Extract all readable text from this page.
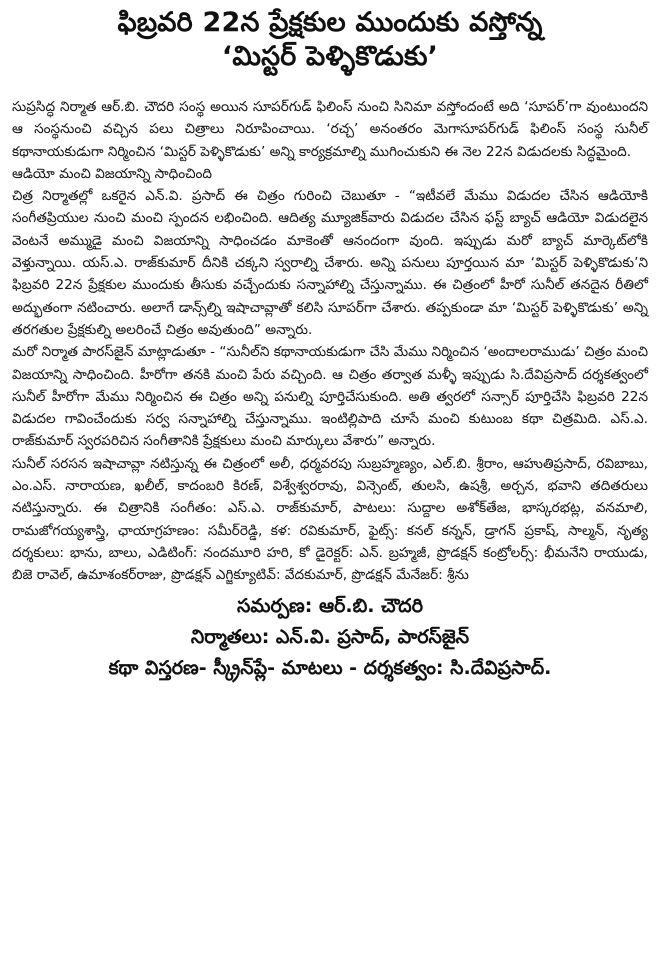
ఫిబ్రవరి 22న ప్రేక్షకుల ముందుకు వస్తోన్న
‘మిస్టర్ పెళ్ళికొడుకు’

సుప్రసిద్ధ నిర్మాత ఆర్.బి. చౌదరి సంస్థ అయిన సూపర్‌గుడ్ ఫిలింస్ నుంచి సినిమా వస్తోందంటే అది ‘సూపర్’గా వుంటుందని ఆ సంస్థనుంచి వచ్చిన పలు చిత్రాలు నిరూపించాయి. ‘రచ్చ’ అనంతరం మెగాసూపర్‌గుడ్ ఫిలింస్ సంస్థ సునీల్ కథానాయకుడుగా నిర్మించిన ‘మిస్టర్ పెళ్ళికొడుకు’ అన్ని కార్యక్రమాల్ని ముగించుకుని ఈ నెల 22న విడుదలకు సిద్ధమైంది.

ఆడియో మంచి విజయాన్ని సాధించింది

చిత్ర నిర్మాతల్లో ఒకరైన ఎన్.వి. ప్రసాద్ ఈ చిత్రం గురించి చెబుతూ - “ఇటీవలే మేము విడుదల చేసిన ఆడియోకి సంగీతప్రియుల నుంచి మంచి స్పందన లభించింది. ఆదిత్య మ్యూజిక్‌వారు విడుదల చేసిన ఫస్ట్ బ్యాచ్ ఆడియో విడుదలైన వెంటనే అమ్ముడై మంచి విజయాన్ని సాధించడం మాకెంతో ఆనందంగా వుంది. ఇప్పుడు మరో బ్యాచ్ మార్కెట్‌లోకి వెళ్తున్నాయి. యస్.ఎ. రాజ్‌కుమార్ దీనికి చక్కని స్వరాల్ని చేశారు. అన్ని పనులు పూర్తయిన మా ‘మిస్టర్ పెళ్ళికొడుకు’ని ఫిబ్రవరి 22న ప్రేక్షకుల ముందుకు తీసుకు వచ్చేందుకు సన్నాహాల్ని చేస్తున్నాము. ఈ చిత్రంలో హీరో సునీల్ తనదైన రీతిలో అద్భుతంగా నటించారు. అలాగే డాన్స్‌ల్ని ఇషాచావ్లాతో కలిసి సూపర్‌గా చేశారు. తప్పకుండా మా ‘మిస్టర్ పెళ్ళికొడుకు’ అన్ని తరగతుల ప్రేక్షకుల్ని అలరించే చిత్రం అవుతుంది” అన్నారు.

మరో నిర్మాత పారస్‌జైన్ మాట్లాడుతూ - “సునీల్‌ని కథానాయకుడుగా చేసి మేము నిర్మించిన ‘అందాలరాముడు’ చిత్రం మంచి విజయాన్ని సాధించింది. హీరోగా తనకి మంచి పేరు వచ్చింది. ఆ చిత్రం తర్వాత మళ్ళీ ఇప్పుడు సి.దేవిప్రసాద్ దర్శకత్వంలో సునీల్ హీరోగా మేము నిర్మించిన ఈ చిత్రం అన్ని పనుల్ని పూర్తిచేసుకుంది. అతి త్వరలో సన్సార్ పూర్తిచేసి ఫిబ్రవరి 22న విడుదల గావించేందుకు సర్వ సన్నాహాల్ని చేస్తున్నాము. ఇంటిల్లిపాది చూసే మంచి కుటుంబ కథా చిత్రమిది. ఎస్.ఎ. రాజ్‌కుమార్ స్వరపరిచిన సంగీతానికి ప్రేక్షకులు మంచి మార్కులు వేశారు” అన్నారు.

సునీల్ సరసన ఇషాచావ్లా నటిస్తున్న ఈ చిత్రంలో అలీ, ధర్మవరపు సుబ్రహ్మణ్యం, ఎల్.బి. శ్రీరాం, ఆహుతిప్రసాద్, రవిబాబు, ఎం.ఎస్. నారాయణ, ఖలీల్, కాదంబరి కిరణ్, విశ్వేశ్వరరావు, విన్సెంట్, తులసి, ఉషశ్రీ, అర్చన, భవాని తదితరులు నటిస్తున్నారు. ఈ చిత్రానికి సంగీతం: ఎస్.ఎ. రాజ్‌కుమార్, పాటలు: సుద్దాల అశోక్‌తేజ, భాస్కరభట్ల, వనమాలి, రామజోగయ్యశాస్త్రి, ఛాయాగ్రహణం: సమీర్‌రెడ్డి, కళ: రవికుమార్, ఫైట్స్: కనల్ కన్నన్, డ్రాగన్ ప్రకాష్, సాల్మన్, నృత్య దర్శకులు: భాను, బాలు, ఎడిటింగ్: నందమూరి హరి, కో డైరెక్టర్: ఎన్. బ్రహ్మజీ, ప్రొడక్షన్ కంట్రోలర్స్: భీమనేని రాయుడు, బిజె రావెల్, ఉమాశంకర్‌రాజు, ప్రొడక్షన్ ఎగ్జిక్యూటివ్: వేదకుమార్, ప్రొడక్షన్ మేనేజర్: శ్రీను

సమర్పణ: ఆర్.బి. చౌదరి
నిర్మాతలు: ఎన్.వి. ప్రసాద్, పారస్‌జైన్
కథా విస్తరణ- స్క్రీన్‌ప్లే- మాటలు - దర్శకత్వం: సి.దేవిప్రసాద్.
